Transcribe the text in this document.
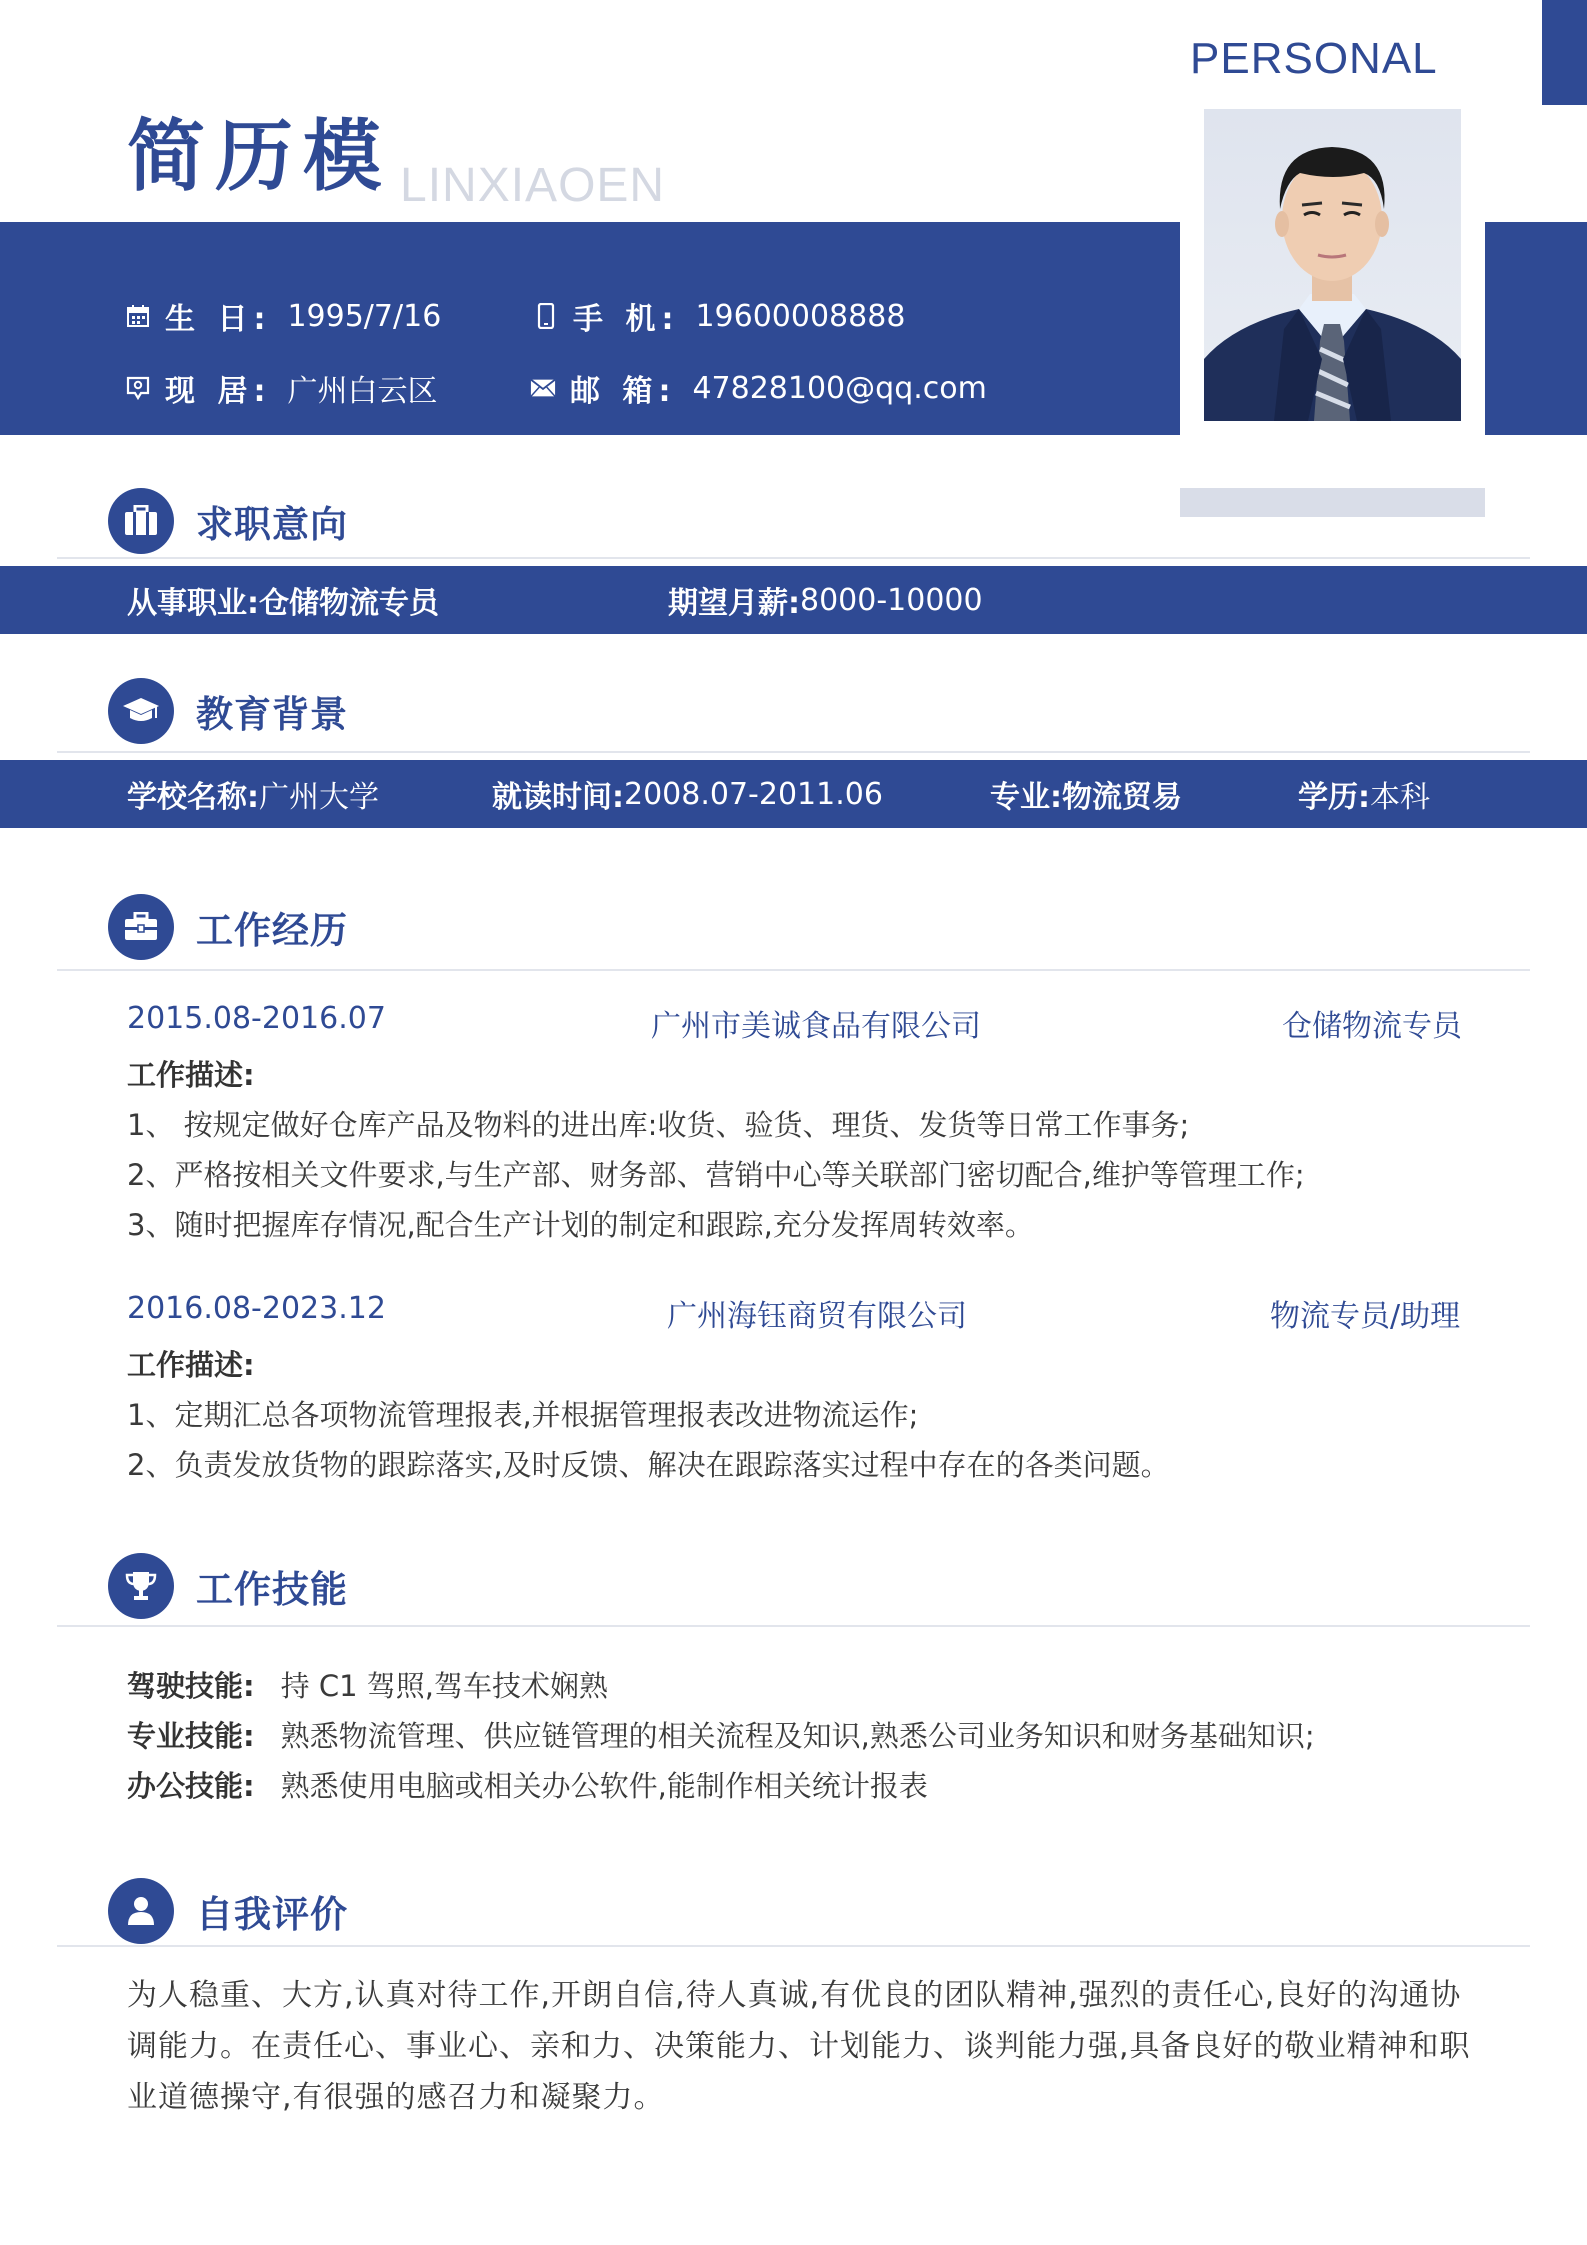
PERSONAL
简历模 LINXIAOEN
生 日: 1995/7/16	手 机: 19600008888
现 居: 广州白云区	邮 箱: 47828100@qq.com
求职意向
从事职业: 仓储物流专员	期望月薪: 8000-10000
教育背景
学校名称: 广州大学	就读时间: 2008.07-2011.06	专业: 物流贸易	学历: 本科
工作经历
2015.08-2016.07	广州市美诚食品有限公司	仓储物流专员
工作描述:
1、 按规定做好仓库产品及物料的进出库:收货、验货、理货、发货等日常工作事务;
2、严格按相关文件要求,与生产部、财务部、营销中心等关联部门密切配合,维护等管理工作;
3、随时把握库存情况,配合生产计划的制定和跟踪,充分发挥周转效率。
2016.08-2023.12	广州海钰商贸有限公司	物流专员/助理
工作描述:
1、定期汇总各项物流管理报表,并根据管理报表改进物流运作;
2、负责发放货物的跟踪落实,及时反馈、解决在跟踪落实过程中存在的各类问题。
工作技能
驾驶技能: 持 C1 驾照,驾车技术娴熟
专业技能: 熟悉物流管理、供应链管理的相关流程及知识,熟悉公司业务知识和财务基础知识;
办公技能: 熟悉使用电脑或相关办公软件,能制作相关统计报表
自我评价
为人稳重、大方,认真对待工作,开朗自信,待人真诚,有优良的团队精神,强烈的责任心,良好的沟通协调能力。在责任心、事业心、亲和力、决策能力、计划能力、谈判能力强,具备良好的敬业精神和职业道德操守,有很强的感召力和凝聚力。
